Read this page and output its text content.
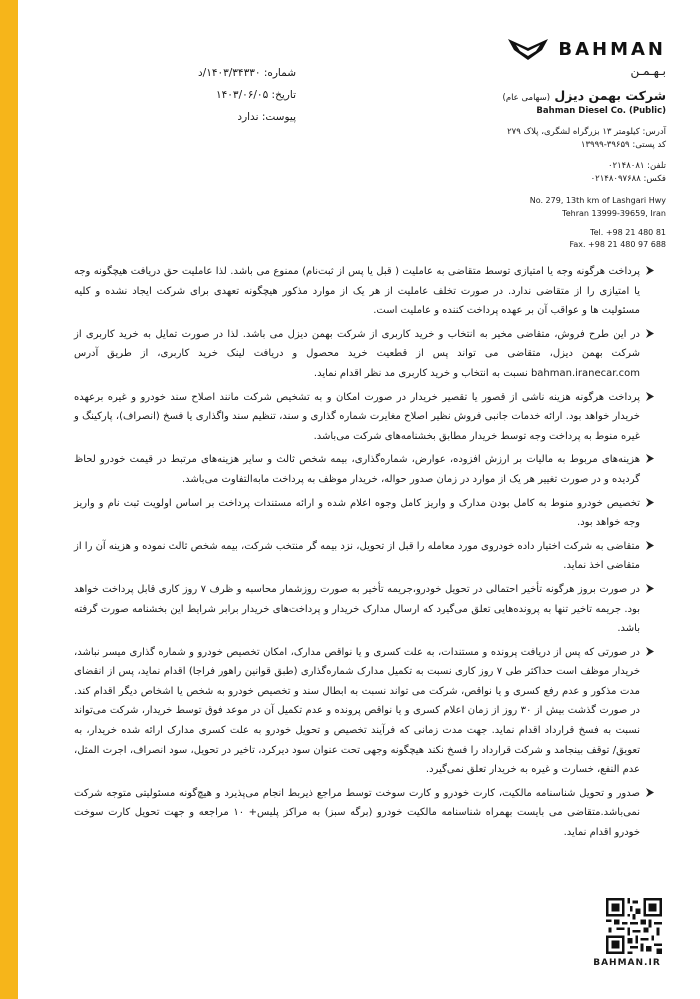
شماره: ۱۴۰۳/۳۴۳۳۰/د
تاریخ: ۱۴۰۳/۰۶/۰۵
پیوست: ندارد
BAHMAN
بـهـمـن
شرکت بهمن دیزل (سهامی عام)
Bahman Diesel Co. (Public)
آدرس: کیلومتر ۱۳ بزرگراه لشگری، پلاک ۲۷۹
کد پستی: ۳۹۶۵۹-۱۳۹۹۹
تلفن: ۰۲۱۴۸۰۸۱
فکس: ۰۲۱۴۸۰۹۷۶۸۸
No. 279, 13th km of Lashgari Hwy
Tehran 13999-39659, Iran
Tel. +98 21 480 81
Fax. +98 21 480 97 688
پرداخت هرگونه وجه یا امتیازی توسط متقاضی به عاملیت ( قبل یا پس از ثبت‌نام) ممنوع می باشد. لذا عاملیت حق دریافت هیچگونه وجه یا امتیازی را از متقاضی ندارد. در صورت تخلف عاملیت از هر یک از موارد مذکور هیچگونه تعهدی برای شرکت ایجاد نشده و کلیه مسئولیت ها و عواقب آن بر عهده پرداخت کننده و عاملیت است.
در این طرح فروش، متقاضی مخیر به انتخاب و خرید کاربری از شرکت بهمن دیزل می باشد. لذا در صورت تمایل به خرید کاربری از شرکت بهمن دیزل، متقاضی می تواند پس از قطعیت خرید محصول و دریافت لینک خرید کاربری، از طریق آدرس bahman.iranecar.com نسبت به انتخاب و خرید کاربری مد نظر اقدام نماید.
پرداخت هرگونه هزینه ناشی از قصور یا تقصیر خریدار در صورت امکان و به تشخیص شرکت مانند اصلاح سند خودرو و غیره برعهده خریدار خواهد بود. ارائه خدمات جانبی فروش نظیر اصلاح مغایرت شماره گذاری و سند، تنظیم سند واگذاری یا فسخ (انصراف)، پارکینگ و غیره منوط به پرداخت وجه توسط خریدار مطابق بخشنامه‌های شرکت می‌باشد.
هزینه‌های مربوط به مالیات بر ارزش افزوده، عوارض، شماره‌گذاری، بیمه شخص ثالث و سایر هزینه‌های مرتبط در قیمت خودرو لحاظ گردیده و در صورت تغییر هر یک از موارد در زمان صدور حواله، خریدار موظف به پرداخت مابه‌التفاوت می‌باشد.
تخصیص خودرو منوط به کامل بودن مدارک و واریز کامل وجوه اعلام شده و ارائه مستندات پرداخت بر اساس اولویت ثبت نام و واریز وجه خواهد بود.
متقاضی به شرکت اختیار داده خودروی مورد معامله را قبل از تحویل، نزد بیمه گر منتخب شرکت، بیمه شخص ثالث نموده و هزینه آن را از متقاضی اخذ نماید.
در صورت بروز هرگونه تأخیر احتمالی در تحویل خودرو،جریمه تأخیر به صورت روزشمار محاسبه و ظرف ۷ روز کاری قابل پرداخت خواهد بود. جریمه تاخیر تنها به پرونده‌هایی تعلق می‌گیرد که ارسال مدارک خریدار و پرداخت‌های خریدار برابر شرایط این بخشنامه صورت گرفته باشد.
در صورتی که پس از دریافت پرونده و مستندات، به علت کسری و یا نواقص مدارک، امکان تخصیص خودرو و شماره گذاری میسر نباشد، خریدار موظف است حداکثر طی ۷ روز کاری نسبت به تکمیل مدارک شماره‌گذاری (طبق قوانین راهور فراجا) اقدام نماید، پس از انقضای مدت مذکور و عدم رفع کسری و یا نواقص، شرکت می تواند نسبت به ابطال سند و تخصیص خودرو به شخص یا اشخاص دیگر اقدام کند. در صورت گذشت بیش از ۳۰ روز از زمان اعلام کسری و یا نواقص پرونده و عدم تکمیل آن در موعد فوق توسط خریدار، شرکت می‌تواند نسبت به فسخ قرارداد اقدام نماید. جهت مدت زمانی که فرآیند تخصیص و تحویل خودرو به علت کسری مدارک ارائه شده خریدار، به تعویق/ توقف بینجامد و شرکت قرارداد را فسخ نکند هیچگونه وجهی تحت عنوان سود دیرکرد، تاخیر در تحویل، سود انصراف، اجرت المثل، عدم النفع، خسارت و غیره به خریدار تعلق نمی‌گیرد.
صدور و تحویل شناسنامه مالکیت، کارت خودرو و کارت سوخت توسط مراجع ذیربط انجام می‌پذیرد و هیچ‌گونه مسئولیتی متوجه شرکت نمی‌باشد.متقاضی می بایست بهمراه شناسنامه مالکیت خودرو (برگه سبز) به مراکز پلیس+ ۱۰ مراجعه و جهت تحویل کارت سوخت خودرو اقدام نماید.
BAHMAN.IR
